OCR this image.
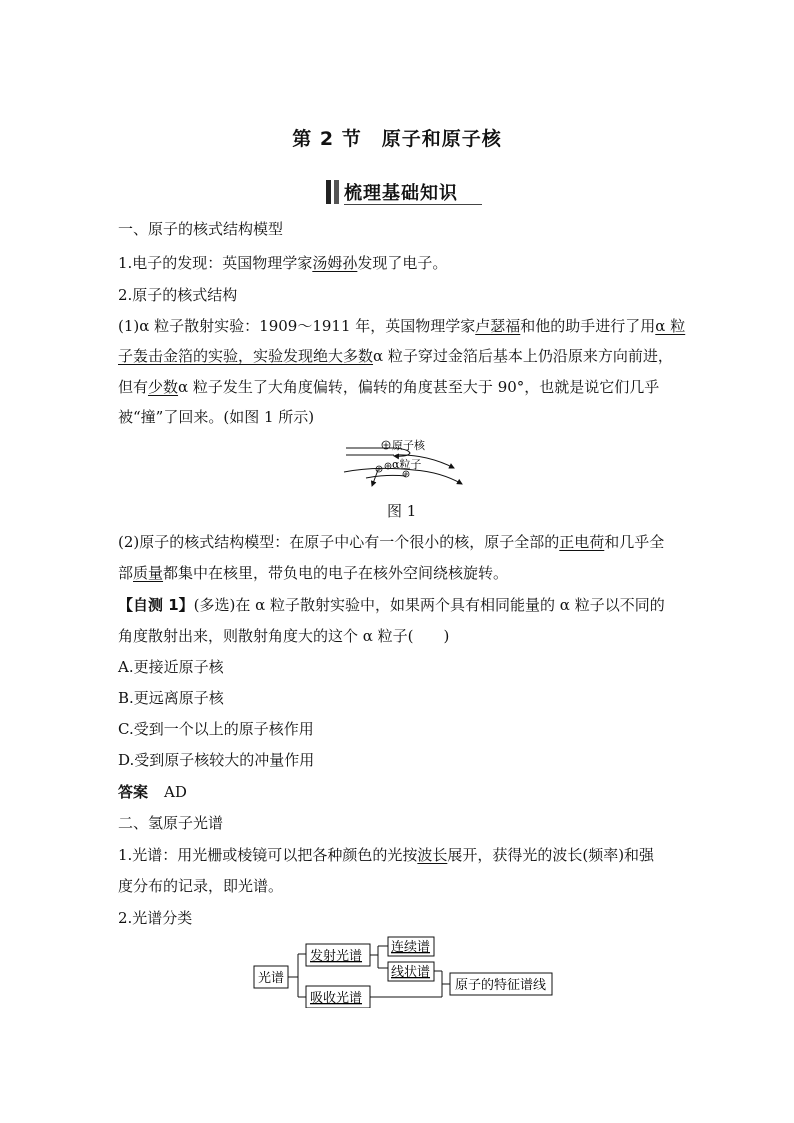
第 2 节　原子和原子核
梳理基础知识
一、原子的核式结构模型
1.电子的发现：英国物理学家汤姆孙发现了电子。
2.原子的核式结构
(1)α 粒子散射实验：1909～1911 年，英国物理学家卢瑟福和他的助手进行了用α 粒
子轰击金箔的实验，实验发现绝大多数α 粒子穿过金箔后基本上仍沿原来方向前进，
但有少数α 粒子发生了大角度偏转，偏转的角度甚至大于 90°，也就是说它们几乎
被“撞”了回来。(如图 1 所示)
原子核
α粒子
图 1
(2)原子的核式结构模型：在原子中心有一个很小的核，原子全部的正电荷和几乎全
部质量都集中在核里，带负电的电子在核外空间绕核旋转。
【自测 1】(多选)在 α 粒子散射实验中，如果两个具有相同能量的 α 粒子以不同的
角度散射出来，则散射角度大的这个 α 粒子(　　)
A.更接近原子核
B.更远离原子核
C.受到一个以上的原子核作用
D.受到原子核较大的冲量作用
答案 AD
二、氢原子光谱
1.光谱：用光栅或棱镜可以把各种颜色的光按波长展开，获得光的波长(频率)和强
度分布的记录，即光谱。
2.光谱分类
光谱
发射光谱
吸收光谱
连续谱
线状谱
原子的特征谱线
